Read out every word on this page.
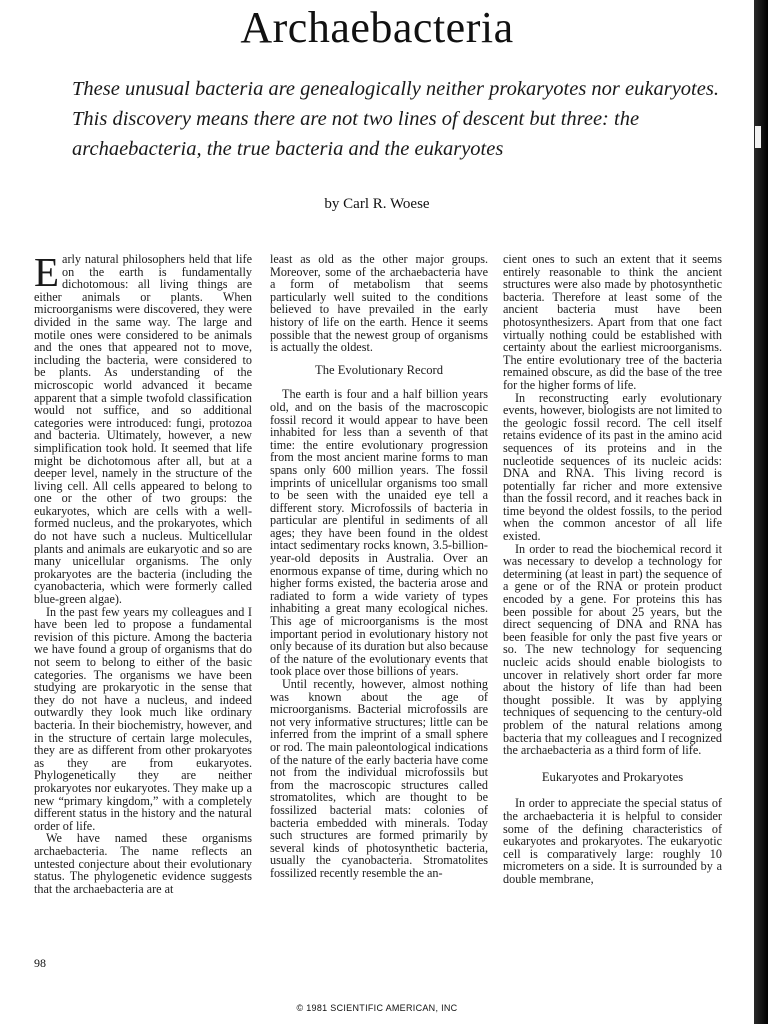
Archaebacteria

These unusual bacteria are genealogically neither prokaryotes nor eukaryotes. This discovery means there are not two lines of descent but three: the archaebacteria, the true bacteria and the eukaryotes

by Carl R. Woese

Early natural philosophers held that life on the earth is fundamentally dichotomous: all living things are either animals or plants. When microorganisms were discovered, they were divided in the same way. The large and motile ones were considered to be animals and the ones that appeared not to move, including the bacteria, were considered to be plants. As understanding of the microscopic world advanced it became apparent that a simple twofold classification would not suffice, and so additional categories were introduced: fungi, protozoa and bacteria. Ultimately, however, a new simplification took hold. It seemed that life might be dichotomous after all, but at a deeper level, namely in the structure of the living cell. All cells appeared to belong to one or the other of two groups: the eukaryotes, which are cells with a well-formed nucleus, and the prokaryotes, which do not have such a nucleus. Multicellular plants and animals are eukaryotic and so are many unicellular organisms. The only prokaryotes are the bacteria (including the cyanobacteria, which were formerly called blue-green algae).

In the past few years my colleagues and I have been led to propose a fundamental revision of this picture. Among the bacteria we have found a group of organisms that do not seem to belong to either of the basic categories. The organisms we have been studying are prokaryotic in the sense that they do not have a nucleus, and indeed outwardly they look much like ordinary bacteria. In their biochemistry, however, and in the structure of certain large molecules, they are as different from other prokaryotes as they are from eukaryotes. Phylogenetically they are neither prokaryotes nor eukaryotes. They make up a new “primary kingdom,” with a completely different status in the history and the natural order of life.

We have named these organisms archaebacteria. The name reflects an untested conjecture about their evolutionary status. The phylogenetic evidence suggests that the archaebacteria are at

least as old as the other major groups. Moreover, some of the archaebacteria have a form of metabolism that seems particularly well suited to the conditions believed to have prevailed in the early history of life on the earth. Hence it seems possible that the newest group of organisms is actually the oldest.

The Evolutionary Record

The earth is four and a half billion years old, and on the basis of the macroscopic fossil record it would appear to have been inhabited for less than a seventh of that time: the entire evolutionary progression from the most ancient marine forms to man spans only 600 million years. The fossil imprints of unicellular organisms too small to be seen with the unaided eye tell a different story. Microfossils of bacteria in particular are plentiful in sediments of all ages; they have been found in the oldest intact sedimentary rocks known, 3.5-billion-year-old deposits in Australia. Over an enormous expanse of time, during which no higher forms existed, the bacteria arose and radiated to form a wide variety of types inhabiting a great many ecological niches. This age of microorganisms is the most important period in evolutionary history not only because of its duration but also because of the nature of the evolutionary events that took place over those billions of years.

Until recently, however, almost nothing was known about the age of microorganisms. Bacterial microfossils are not very informative structures; little can be inferred from the imprint of a small sphere or rod. The main paleontological indications of the nature of the early bacteria have come not from the individual microfossils but from the macroscopic structures called stromatolites, which are thought to be fossilized bacterial mats: colonies of bacteria embedded with minerals. Today such structures are formed primarily by several kinds of photosynthetic bacteria, usually the cyanobacteria. Stromatolites fossilized recently resemble the an-

cient ones to such an extent that it seems entirely reasonable to think the ancient structures were also made by photosynthetic bacteria. Therefore at least some of the ancient bacteria must have been photosynthesizers. Apart from that one fact virtually nothing could be established with certainty about the earliest microorganisms. The entire evolutionary tree of the bacteria remained obscure, as did the base of the tree for the higher forms of life.

In reconstructing early evolutionary events, however, biologists are not limited to the geologic fossil record. The cell itself retains evidence of its past in the amino acid sequences of its proteins and in the nucleotide sequences of its nucleic acids: DNA and RNA. This living record is potentially far richer and more extensive than the fossil record, and it reaches back in time beyond the oldest fossils, to the period when the common ancestor of all life existed.

In order to read the biochemical record it was necessary to develop a technology for determining (at least in part) the sequence of a gene or of the RNA or protein product encoded by a gene. For proteins this has been possible for about 25 years, but the direct sequencing of DNA and RNA has been feasible for only the past five years or so. The new technology for sequencing nucleic acids should enable biologists to uncover in relatively short order far more about the history of life than had been thought possible. It was by applying techniques of sequencing to the century-old problem of the natural relations among bacteria that my colleagues and I recognized the archaebacteria as a third form of life.

Eukaryotes and Prokaryotes

In order to appreciate the special status of the archaebacteria it is helpful to consider some of the defining characteristics of eukaryotes and prokaryotes. The eukaryotic cell is comparatively large: roughly 10 micrometers on a side. It is surrounded by a double membrane,

98

© 1981 SCIENTIFIC AMERICAN, INC
